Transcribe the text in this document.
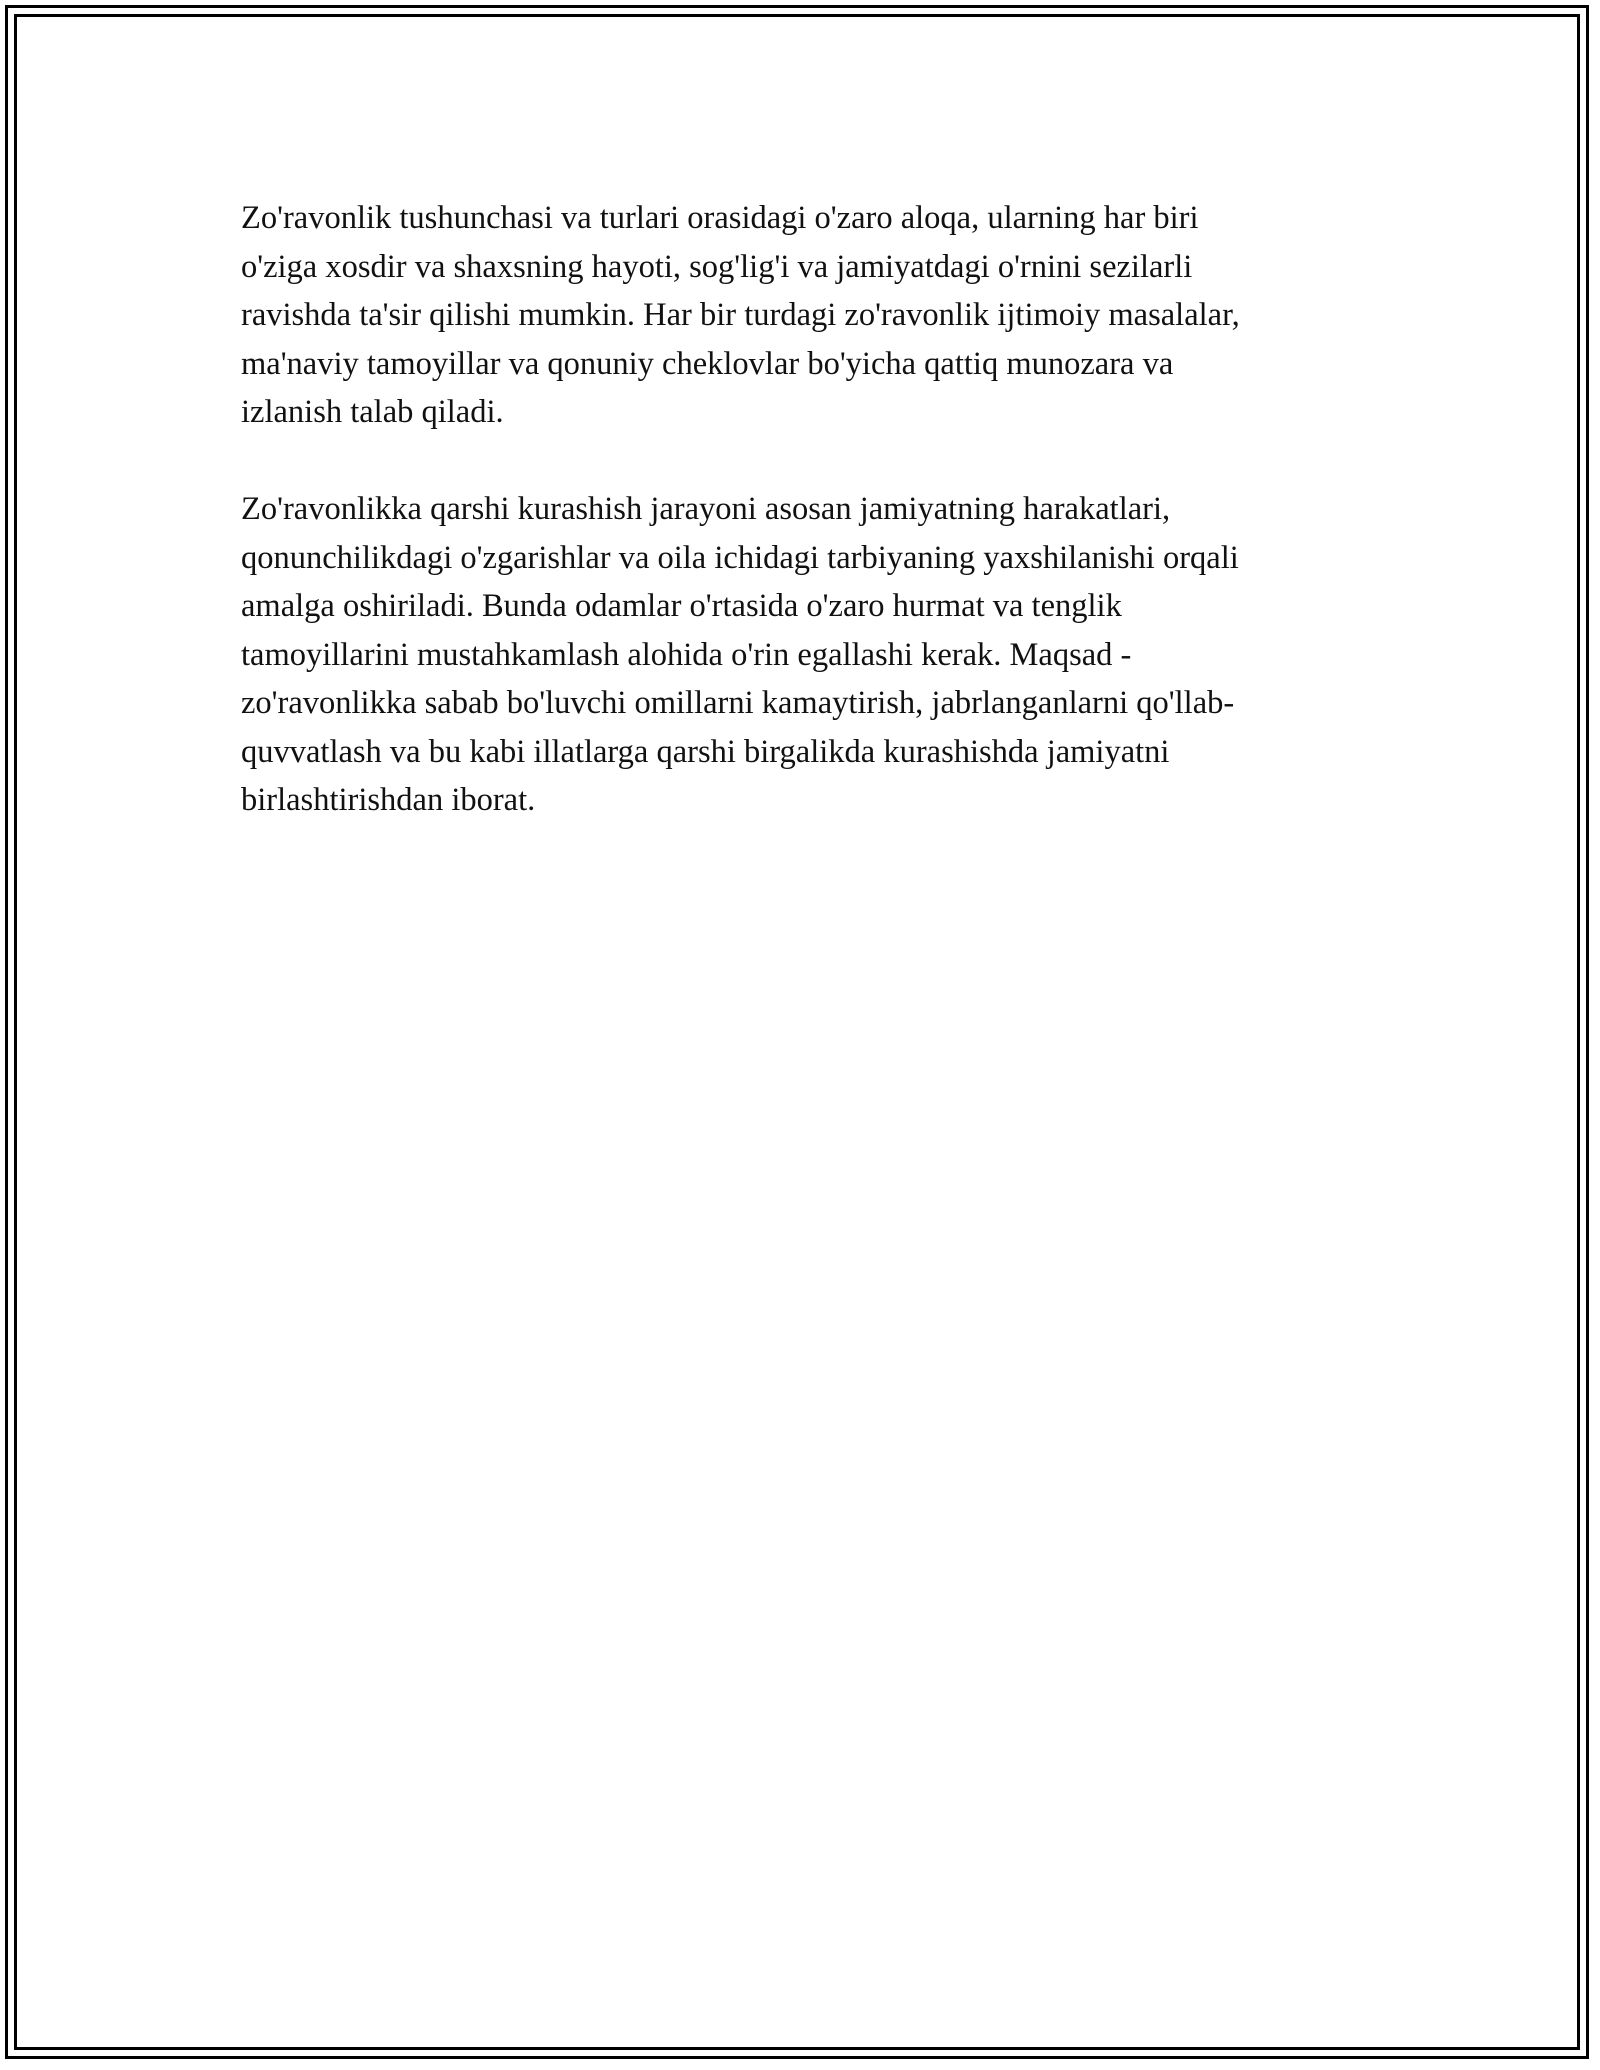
Zo'ravonlik tushunchasi va turlari orasidagi o'zaro aloqa, ularning har biri
o'ziga xosdir va shaxsning hayoti, sog'lig'i va jamiyatdagi o'rnini sezilarli
ravishda ta'sir qilishi mumkin. Har bir turdagi zo'ravonlik ijtimoiy masalalar,
ma'naviy tamoyillar va qonuniy cheklovlar bo'yicha qattiq munozara va
izlanish talab qiladi.

Zo'ravonlikka qarshi kurashish jarayoni asosan jamiyatning harakatlari,
qonunchilikdagi o'zgarishlar va oila ichidagi tarbiyaning yaxshilanishi orqali
amalga oshiriladi. Bunda odamlar o'rtasida o'zaro hurmat va tenglik
tamoyillarini mustahkamlash alohida o'rin egallashi kerak. Maqsad -
zo'ravonlikka sabab bo'luvchi omillarni kamaytirish, jabrlanganlarni qo'llab-
quvvatlash va bu kabi illatlarga qarshi birgalikda kurashishda jamiyatni
birlashtirishdan iborat.
